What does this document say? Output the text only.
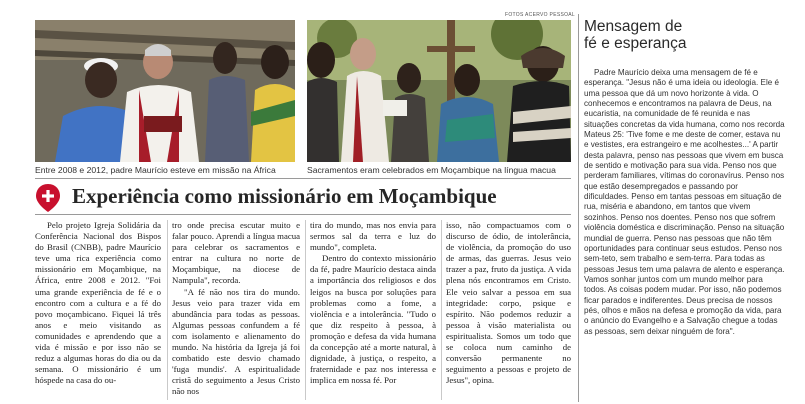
FOTOS ACERVO PESSOAL
Entre 2008 e 2012, padre Maurício esteve em missão na África	Sacramentos eram celebrados em Moçambique na língua macua
Experiência como missionário em Moçambique

Pelo projeto Igreja Solidária da Conferência Nacional dos Bispos do Brasil (CNBB), padre Maurício teve uma rica experiência como missionário em Moçambique, na África, entre 2008 e 2012. "Foi uma grande experiência de fé e o encontro com a cultura e a fé do povo moçambicano. Fiquei lá três anos e meio visitando as comunidades e aprendendo que a vida é missão e por isso não se reduz a algumas horas do dia ou da semana. O missionário é um hóspede na casa do ou-

tro onde precisa escutar muito e falar pouco. Aprendi a língua macua para celebrar os sacramentos e entrar na cultura no norte de Moçambique, na diocese de Nampula", recorda.

"A fé não nos tira do mundo. Jesus veio para trazer vida em abundância para todas as pessoas. Algumas pessoas confundem a fé com isolamento e alienamento do mundo. Na história da Igreja já foi combatido este desvio chamado 'fuga mundis'. A espiritualidade cristã do seguimento a Jesus Cristo não nos

tira do mundo, mas nos envia para sermos sal da terra e luz do mundo", completa.

Dentro do contexto missionário da fé, padre Maurício destaca ainda a importância dos religiosos e dos leigos na busca por soluções para problemas como a fome, a violência e a intolerância. "Tudo o que diz respeito à pessoa, à promoção e defesa da vida humana da concepção até a morte natural, à dignidade, à justiça, o respeito, a fraternidade e paz nos interessa e implica em nossa fé. Por

isso, não compactuamos com o discurso de ódio, de intolerância, de violência, da promoção do uso de armas, das guerras. Jesus veio trazer a paz, fruto da justiça. A vida plena nós encontramos em Cristo. Ele veio salvar a pessoa em sua integridade: corpo, psique e espírito. Não podemos reduzir a pessoa à visão materialista ou espiritualista. Somos um todo que se coloca num caminho de conversão permanente no seguimento a pessoas e projeto de Jesus", opina.

Mensagem de
fé e esperança

Padre Maurício deixa uma mensagem de fé e esperança. "Jesus não é uma ideia ou ideologia. Ele é uma pessoa que dá um novo horizonte à vida. O conhecemos e encontramos na palavra de Deus, na eucaristia, na comunidade de fé reunida e nas situações concretas da vida humana, como nos recorda Mateus 25: 'Tive fome e me deste de comer, estava nu e vestistes, era estrangeiro e me acolhestes...' A partir desta palavra, penso nas pessoas que vivem em busca de sentido e motivação para sua vida. Penso nos que perderam familiares, vítimas do coronavírus. Penso nos que estão desempregados e passando por dificuldades. Penso em tantas pessoas em situação de rua, miséria e abandono, em tantos que vivem sozinhos. Penso nos doentes. Penso nos que sofrem violência doméstica e discriminação. Penso na situação mundial de guerra. Penso nas pessoas que não têm oportunidades para continuar seus estudos. Penso nos sem-teto, sem trabalho e sem-terra. Para todas as pessoas Jesus tem uma palavra de alento e esperança. Vamos sonhar juntos com um mundo melhor para todos. As coisas podem mudar. Por isso, não podemos ficar parados e indiferentes. Deus precisa de nossos pés, olhos e mãos na defesa e promoção da vida, para o anúncio do Evangelho e a Salvação chegue a todas as pessoas, sem deixar ninguém de fora".
